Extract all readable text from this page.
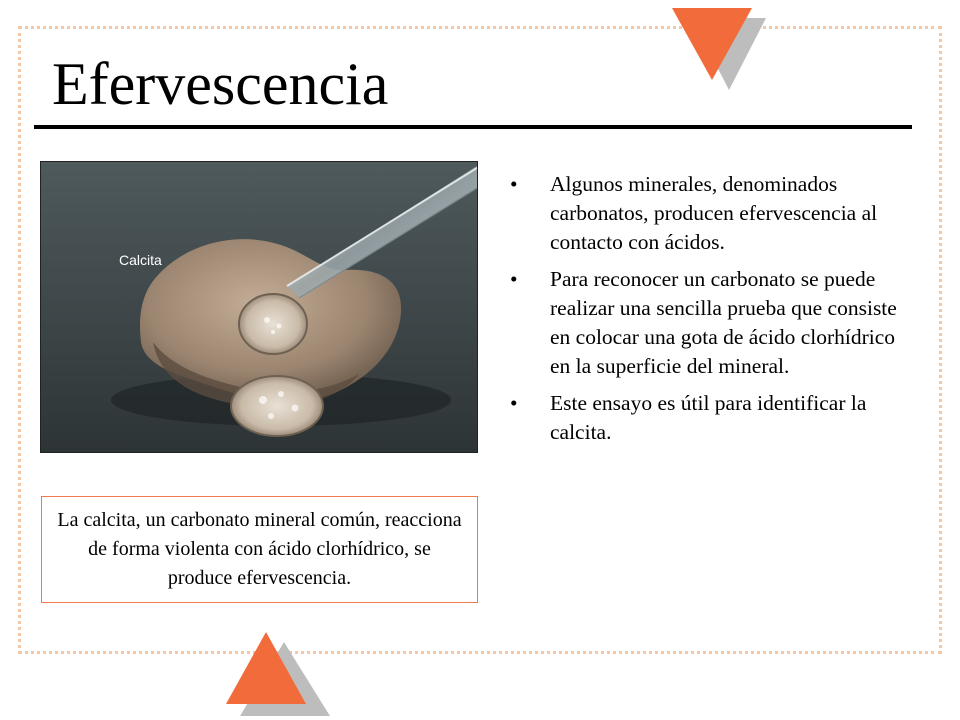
Efervescencia
Calcita
La calcita, un carbonato mineral común, reacciona de forma violenta con ácido clorhídrico, se produce efervescencia.
• Algunos minerales, denominados carbonatos, producen efervescencia al contacto con ácidos.
• Para reconocer un carbonato se puede realizar una sencilla prueba que consiste en colocar una gota de ácido clorhídrico en la superficie del mineral.
• Este ensayo es útil para identificar la calcita.
